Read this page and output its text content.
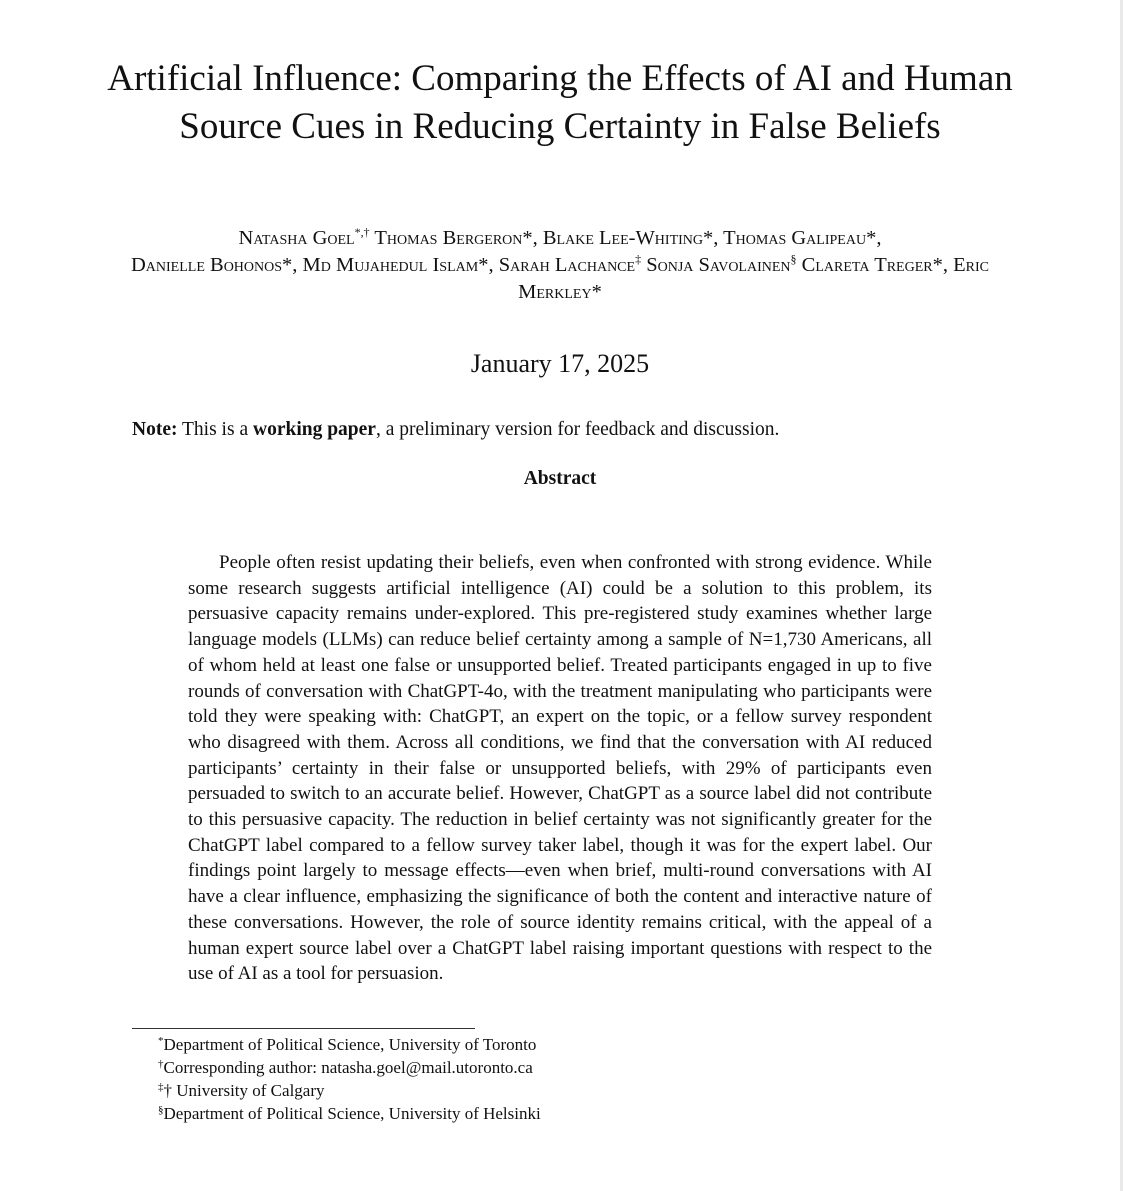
Artificial Influence: Comparing the Effects of AI and Human Source Cues in Reducing Certainty in False Beliefs
Natasha Goel*,† Thomas Bergeron*, Blake Lee-Whiting*, Thomas Galipeau*,
Danielle Bohonos*, Md Mujahedul Islam*, Sarah Lachance‡ Sonja Savolainen§ Clareta Treger*, Eric Merkley*
January 17, 2025
Note: This is a working paper, a preliminary version for feedback and discussion.
Abstract

People often resist updating their beliefs, even when confronted with strong evidence. While some research suggests artificial intelligence (AI) could be a solution to this problem, its persuasive capacity remains under-explored. This pre-registered study examines whether large language models (LLMs) can reduce belief certainty among a sample of N=1,730 Americans, all of whom held at least one false or unsupported belief. Treated participants engaged in up to five rounds of conversation with ChatGPT-4o, with the treatment manipulating who participants were told they were speaking with: ChatGPT, an expert on the topic, or a fellow survey respondent who disagreed with them. Across all conditions, we find that the conversation with AI reduced participants’ certainty in their false or unsupported beliefs, with 29% of participants even persuaded to switch to an accurate belief. However, ChatGPT as a source label did not contribute to this persuasive capacity. The reduction in belief certainty was not significantly greater for the ChatGPT label compared to a fellow survey taker label, though it was for the expert label. Our findings point largely to message effects—even when brief, multi-round conversations with AI have a clear influence, emphasizing the significance of both the content and interactive nature of these conversations. However, the role of source identity remains critical, with the appeal of a human expert source label over a ChatGPT label raising important questions with respect to the use of AI as a tool for persuasion.

*Department of Political Science, University of Toronto
†Corresponding author: natasha.goel@mail.utoronto.ca
‡† University of Calgary
§Department of Political Science, University of Helsinki
